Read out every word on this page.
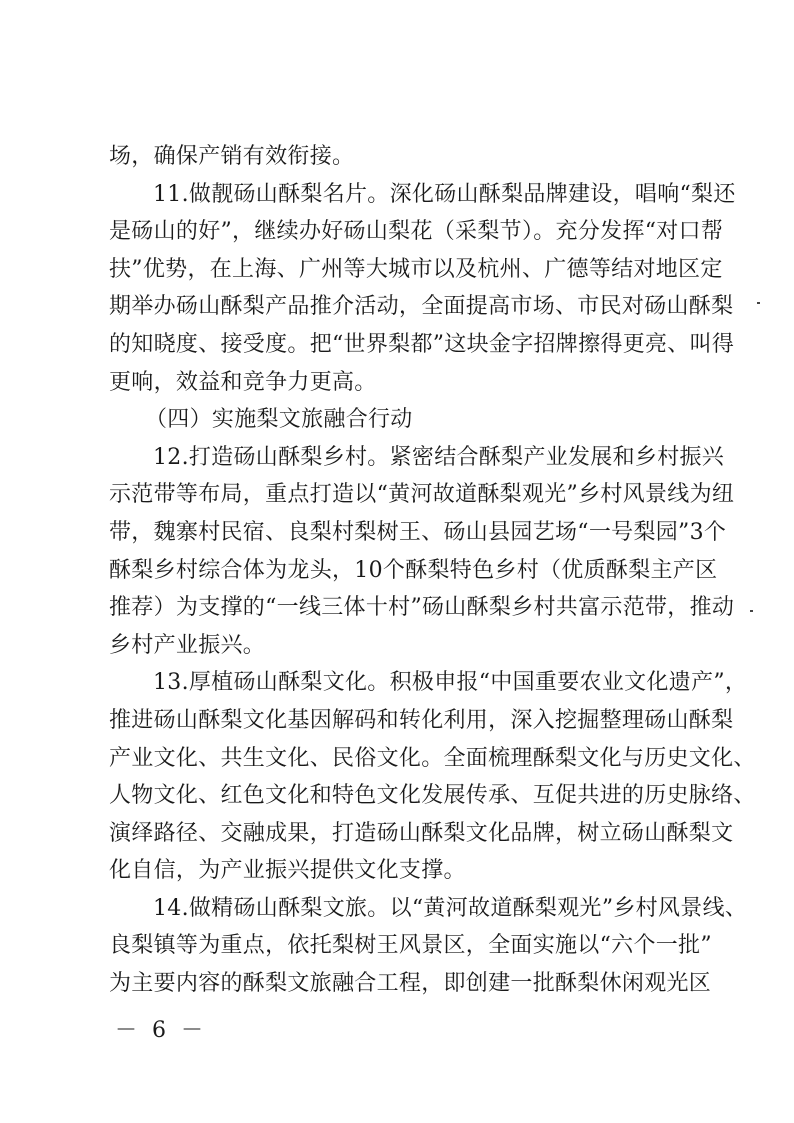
场，确保产销有效衔接。
11.做靓砀山酥梨名片。深化砀山酥梨品牌建设，唱响“梨还
是砀山的好”，继续办好砀山梨花（采梨节）。充分发挥“对口帮
扶”优势，在上海、广州等大城市以及杭州、广德等结对地区定
期举办砀山酥梨产品推介活动，全面提高市场、市民对砀山酥梨
的知晓度、接受度。把“世界梨都”这块金字招牌擦得更亮、叫得
更响，效益和竞争力更高。
（四）实施梨文旅融合行动
12.打造砀山酥梨乡村。紧密结合酥梨产业发展和乡村振兴
示范带等布局，重点打造以“黄河故道酥梨观光”乡村风景线为纽
带，魏寨村民宿、良梨村梨树王、砀山县园艺场“一号梨园”3个
酥梨乡村综合体为龙头，10个酥梨特色乡村（优质酥梨主产区
推荐）为支撑的“一线三体十村”砀山酥梨乡村共富示范带，推动
乡村产业振兴。
13.厚植砀山酥梨文化。积极申报“中国重要农业文化遗产”，
推进砀山酥梨文化基因解码和转化利用，深入挖掘整理砀山酥梨
产业文化、共生文化、民俗文化。全面梳理酥梨文化与历史文化、
人物文化、红色文化和特色文化发展传承、互促共进的历史脉络、
演绎路径、交融成果，打造砀山酥梨文化品牌，树立砀山酥梨文
化自信，为产业振兴提供文化支撑。
14.做精砀山酥梨文旅。以“黄河故道酥梨观光”乡村风景线、
良梨镇等为重点，依托梨树王风景区，全面实施以“六个一批”
为主要内容的酥梨文旅融合工程，即创建一批酥梨休闲观光区
－ 6 －
